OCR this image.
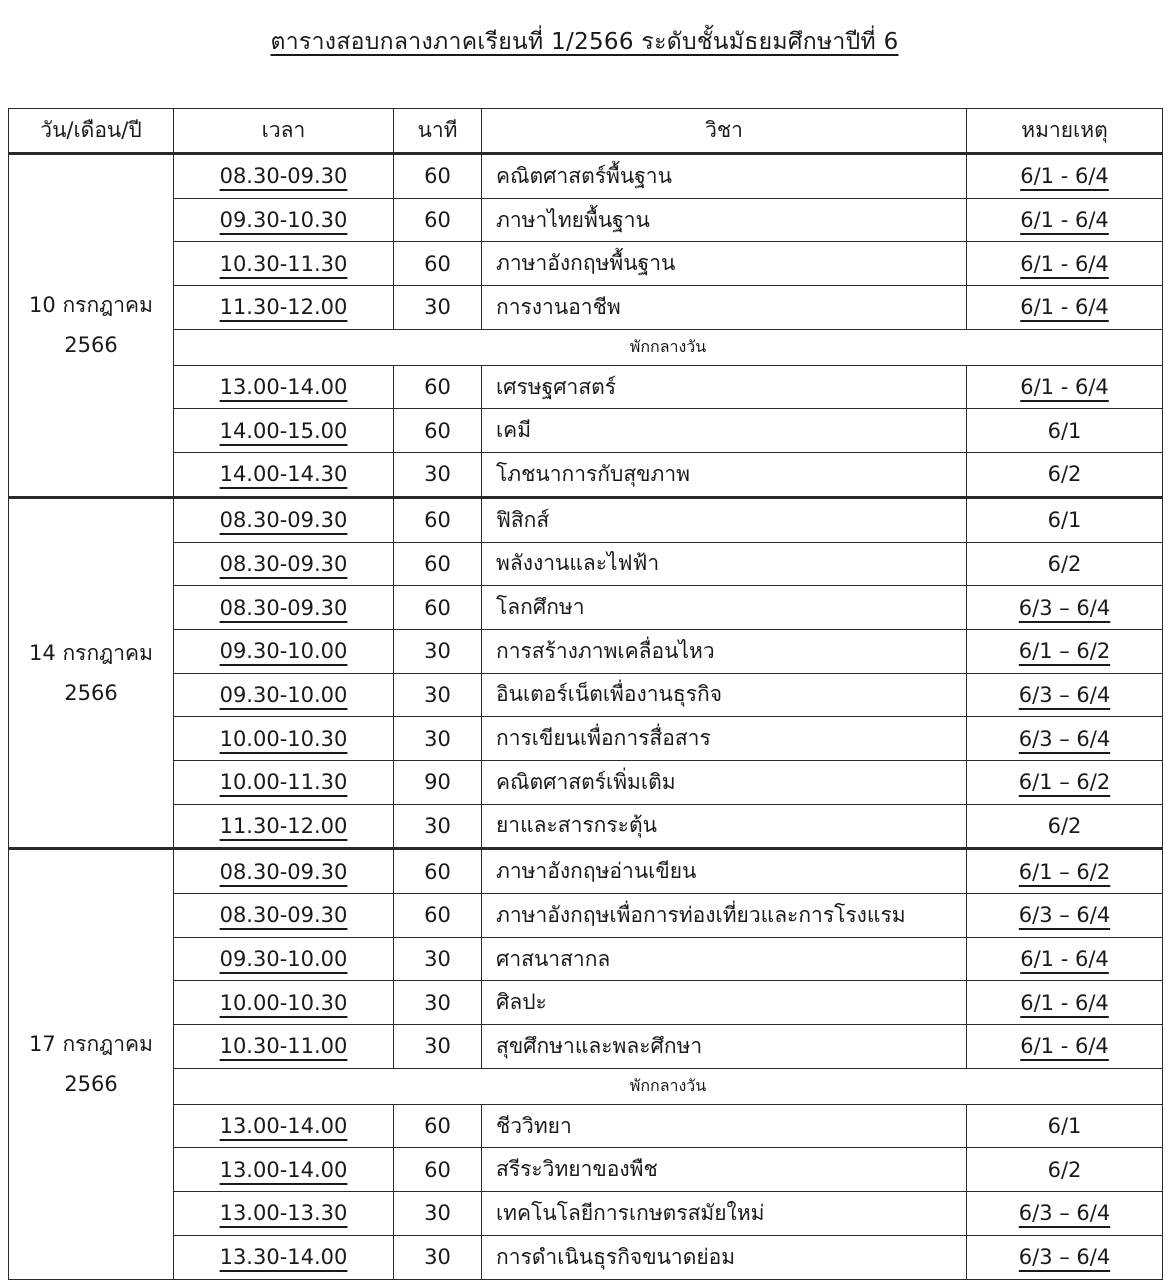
ตารางสอบกลางภาคเรียนที่ 1/2566 ระดับชั้นมัธยมศึกษาปีที่ 6
วัน/เดือน/ปี	เวลา	นาที	วิชา	หมายเหตุ

10 กรกฎาคม
2566	08.30-09.30	60	คณิตศาสตร์พื้นฐาน	6/1 - 6/4
	09.30-10.30	60	ภาษาไทยพื้นฐาน	6/1 - 6/4
	10.30-11.30	60	ภาษาอังกฤษพื้นฐาน	6/1 - 6/4
	11.30-12.00	30	การงานอาชีพ	6/1 - 6/4
	พักกลางวัน			
	13.00-14.00	60	เศรษฐศาสตร์	6/1 - 6/4
	14.00-15.00	60	เคมี	6/1
	14.00-14.30	30	โภชนาการกับสุขภาพ	6/2

14 กรกฎาคม
2566	08.30-09.30	60	ฟิสิกส์	6/1
	08.30-09.30	60	พลังงานและไฟฟ้า	6/2
	08.30-09.30	60	โลกศึกษา	6/3 – 6/4
	09.30-10.00	30	การสร้างภาพเคลื่อนไหว	6/1 – 6/2
	09.30-10.00	30	อินเตอร์เน็ตเพื่องานธุรกิจ	6/3 – 6/4
	10.00-10.30	30	การเขียนเพื่อการสื่อสาร	6/3 – 6/4
	10.00-11.30	90	คณิตศาสตร์เพิ่มเติม	6/1 – 6/2
	11.30-12.00	30	ยาและสารกระตุ้น	6/2

17 กรกฎาคม
2566	08.30-09.30	60	ภาษาอังกฤษอ่านเขียน	6/1 – 6/2
	08.30-09.30	60	ภาษาอังกฤษเพื่อการท่องเที่ยวและการโรงแรม	6/3 – 6/4
	09.30-10.00	30	ศาสนาสากล	6/1 - 6/4
	10.00-10.30	30	ศิลปะ	6/1 - 6/4
	10.30-11.00	30	สุขศึกษาและพละศึกษา	6/1 - 6/4
	พักกลางวัน			
	13.00-14.00	60	ชีววิทยา	6/1
	13.00-14.00	60	สรีระวิทยาของพืช	6/2
	13.00-13.30	30	เทคโนโลยีการเกษตรสมัยใหม่	6/3 – 6/4
	13.30-14.00	30	การดำเนินธุรกิจขนาดย่อม	6/3 – 6/4
